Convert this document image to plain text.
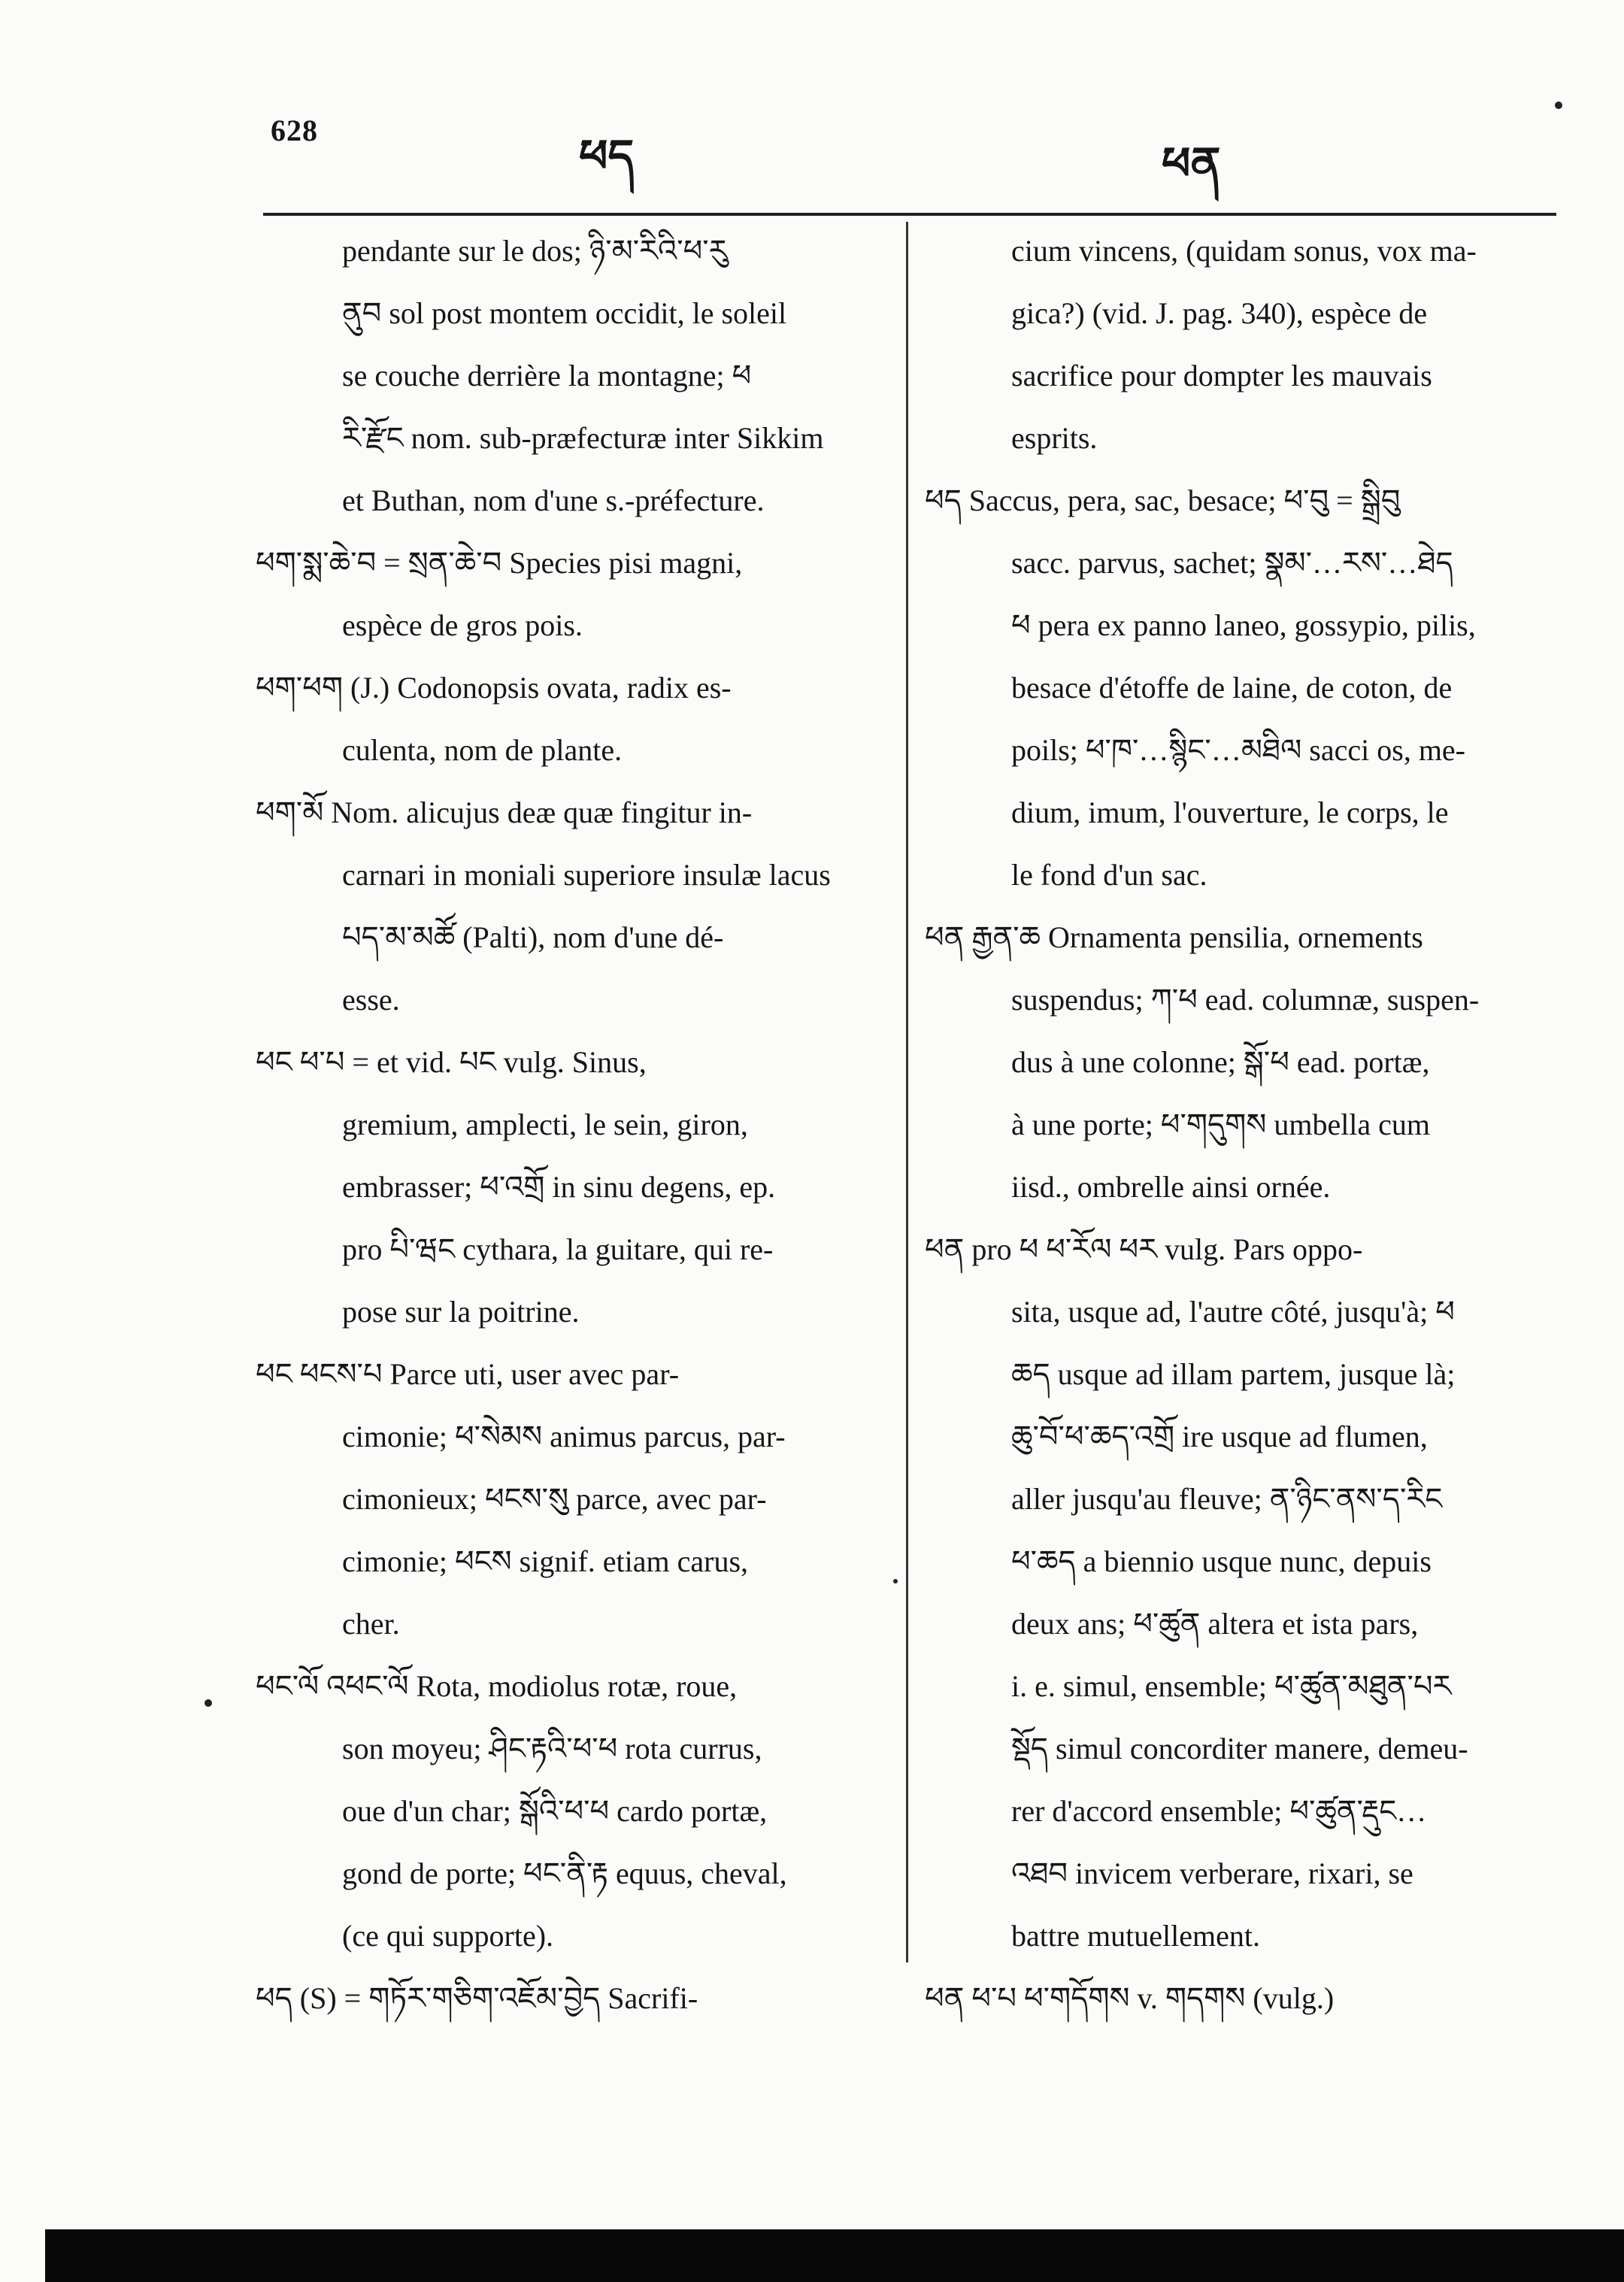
628
ཕད	ཕན
pendante sur le dos; ཉི་མ་རིའི་ཕ་རུ
ནུབ sol post montem occidit, le soleil
se couche derrière la montagne; ཕ
རི་རྫོང nom. sub-præfecturæ inter Sikkim
et Buthan, nom d'une s.-préfecture.
ཕག་སྨ་ཆེ་བ = སྲན་ཆེ་བ Species pisi magni,
espèce de gros pois.
ཕག་ཕག (J.) Codonopsis ovata, radix es-
culenta, nom de plante.
ཕག་མོ Nom. alicujus deæ quæ fingitur in-
carnari in moniali superiore insulæ lacus
པད་མ་མཚོ (Palti), nom d'une dé-
esse.
ཕང ཕ་པ = et vid. པང vulg. Sinus,
gremium, amplecti, le sein, giron,
embrasser; ཕ་འགྲོ in sinu degens, ep.
pro པི་ཝང cythara, la guitare, qui re-
pose sur la poitrine.
ཕང ཕངས་པ Parce uti, user avec par-
cimonie; ཕ་སེམས animus parcus, par-
cimonieux; ཕངས་སུ parce, avec par-
cimonie; ཕངས signif. etiam carus,
cher.
ཕང་ལོ འཕང་ལོ Rota, modiolus rotæ, roue,
son moyeu; ཤིང་རྟའི་ཕ་ཕ rota currus,
oue d'un char; སྒོའི་ཕ་ཕ cardo portæ,
gond de porte; ཕང་ནི་རྟ equus, cheval,
(ce qui supporte).
ཕད (S) = གཏོར་གཅིག་འཇོམ་བྱེད Sacrifi-
cium vincens, (quidam sonus, vox ma-
gica?) (vid. J. pag. 340), espèce de
sacrifice pour dompter les mauvais
esprits.
ཕད Saccus, pera, sac, besace; ཕ་བུ = སྒྲིབུ
sacc. parvus, sachet; སྣམ་…རས་…ཐེད
ཕ pera ex panno laneo, gossypio, pilis,
besace d'étoffe de laine, de coton, de
poils; ཕ་ཁ་…སྙིང་…མཐིལ sacci os, me-
dium, imum, l'ouverture, le corps, le
le fond d'un sac.
ཕན རྒྱན་ཆ Ornamenta pensilia, ornements
suspendus; ཀ་ཕ ead. columnæ, suspen-
dus à une colonne; སྒོ་ཕ ead. portæ,
à une porte; ཕ་གདུགས umbella cum
iisd., ombrelle ainsi ornée.
ཕན pro ཕ ཕ་རོལ ཕར vulg. Pars oppo-
sita, usque ad, l'autre côté, jusqu'à; ཕ
ཆད usque ad illam partem, jusque là;
ཆུ་བོ་ཕ་ཆད་འགྲོ ire usque ad flumen,
aller jusqu'au fleuve; ན་ཉིང་ནས་ད་རིང
ཕ་ཆད a biennio usque nunc, depuis
deux ans; ཕ་ཚུན altera et ista pars,
i. e. simul, ensemble; ཕ་ཚུན་མཐུན་པར
སྡོད simul concorditer manere, demeu-
rer d'accord ensemble; ཕ་ཚུན་རྡུང…
འཐབ invicem verberare, rixari, se
battre mutuellement.
ཕན ཕ་པ ཕ་གདོགས v. གདགས (vulg.)
